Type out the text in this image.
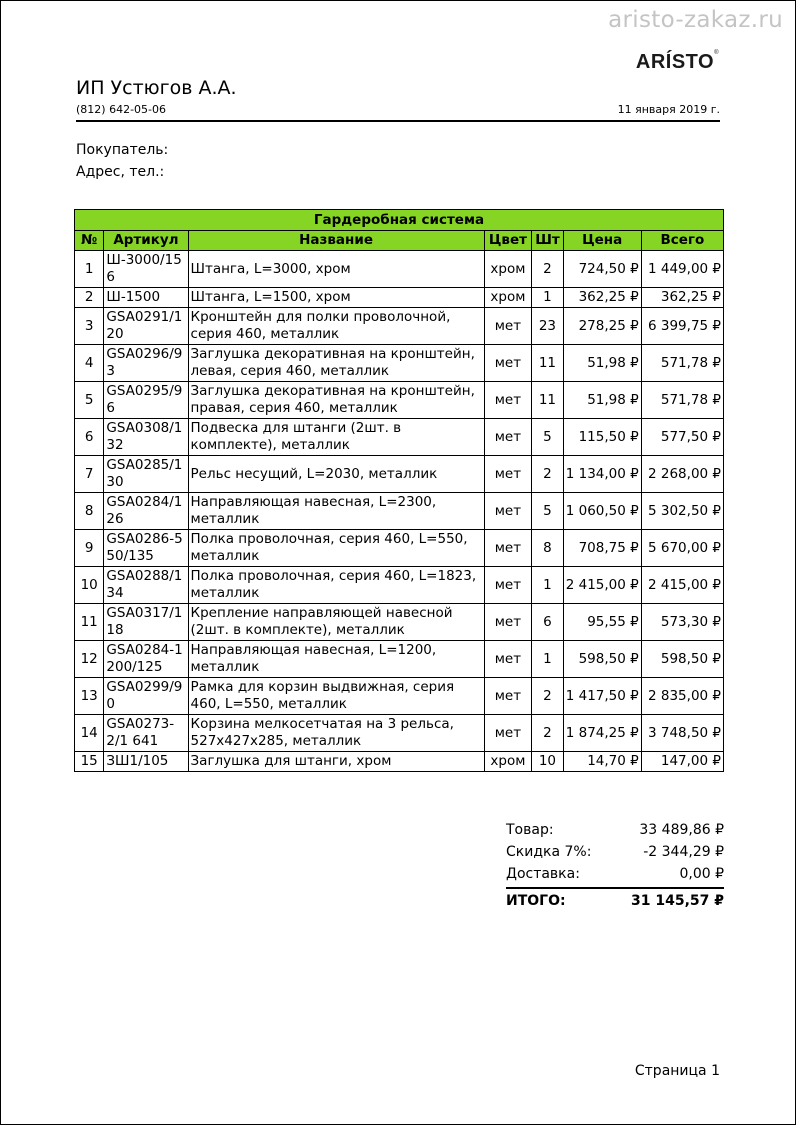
aristo-zakaz.ru
ARÍSTO®
ИП Устюгов А.А.
(812) 642-05-06	11 января 2019 г.
Покупатель:
Адрес, тел.:
Гардеробная система						
№	Артикул	Название	Цвет	Шт	Цена	Всего
1	Ш-3000/156	Штанга, L=3000, хром	хром	2	724,50 ₽	1 449,00 ₽
2	Ш-1500	Штанга, L=1500, хром	хром	1	362,25 ₽	362,25 ₽
3	GSA0291/120	Кронштейн для полки проволочной, серия 460, металлик	мет	23	278,25 ₽	6 399,75 ₽
4	GSA0296/93	Заглушка декоративная на кронштейн, левая, серия 460, металлик	мет	11	51,98 ₽	571,78 ₽
5	GSA0295/96	Заглушка декоративная на кронштейн, правая, серия 460, металлик	мет	11	51,98 ₽	571,78 ₽
6	GSA0308/132	Подвеска для штанги (2шт. в комплекте), металлик	мет	5	115,50 ₽	577,50 ₽
7	GSA0285/130	Рельс несущий, L=2030, металлик	мет	2	1 134,00 ₽	2 268,00 ₽
8	GSA0284/126	Направляющая навесная, L=2300, металлик	мет	5	1 060,50 ₽	5 302,50 ₽
9	GSA0286-550/135	Полка проволочная, серия 460, L=550, металлик	мет	8	708,75 ₽	5 670,00 ₽
10	GSA0288/134	Полка проволочная, серия 460, L=1823, металлик	мет	1	2 415,00 ₽	2 415,00 ₽
11	GSA0317/118	Крепление направляющей навесной (2шт. в комплекте), металлик	мет	6	95,55 ₽	573,30 ₽
12	GSA0284-1200/125	Направляющая навесная, L=1200, металлик	мет	1	598,50 ₽	598,50 ₽
13	GSA0299/90	Рамка для корзин выдвижная, серия 460, L=550, металлик	мет	2	1 417,50 ₽	2 835,00 ₽
14	GSA0273-2/1 641	Корзина мелкосетчатая на 3 рельса, 527x427x285, металлик	мет	2	1 874,25 ₽	3 748,50 ₽
15	ЗШ1/105	Заглушка для штанги, хром	хром	10	14,70 ₽	147,00 ₽
Товар:	33 489,86 ₽
Скидка 7%:	-2 344,29 ₽
Доставка:	0,00 ₽
ИТОГО:	31 145,57 ₽
Страница 1
